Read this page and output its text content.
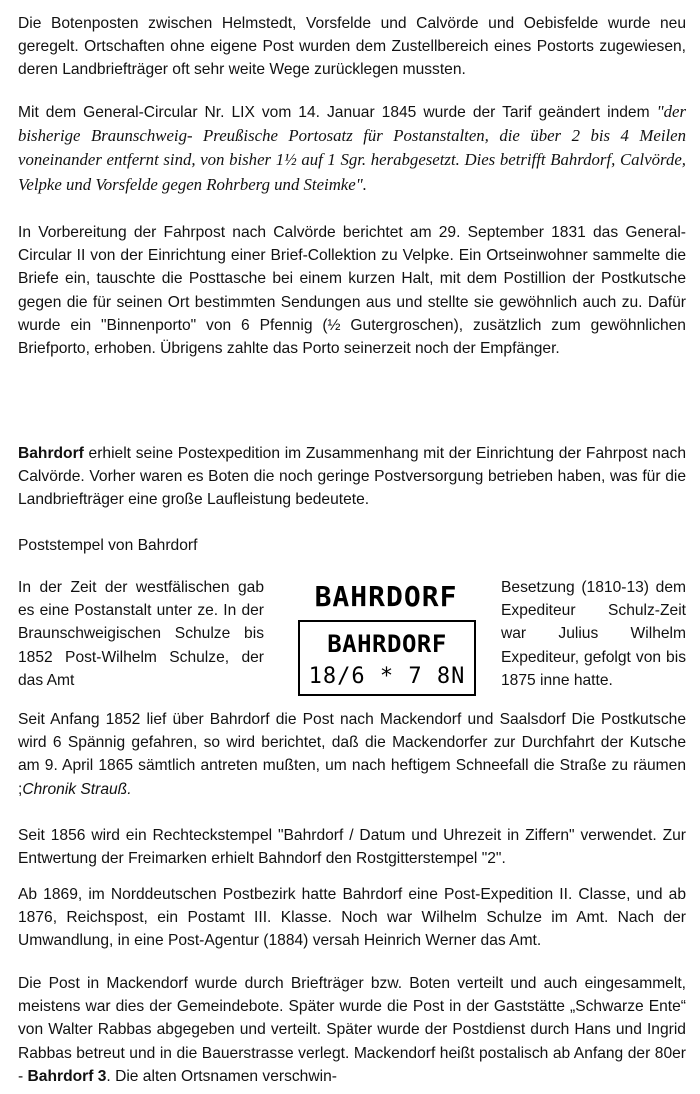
Die Botenposten zwischen Helmstedt, Vorsfelde und Calvörde und Oebisfelde wurde neu geregelt. Ortschaften ohne eigene Post wurden dem Zustellbereich eines Postorts zugewiesen, deren Landbriefträger oft sehr weite Wege zurücklegen mussten.

Mit dem General-Circular Nr. LIX vom 14. Januar 1845 wurde der Tarif geändert indem "der bisherige Braunschweig- Preußische Portosatz für Postanstalten, die über 2 bis 4 Meilen voneinander entfernt sind, von bisher 1½ auf 1 Sgr. herabgesetzt. Dies betrifft Bahrdorf, Calvörde, Velpke und Vorsfelde gegen Rohrberg und Steimke".

In Vorbereitung der Fahrpost nach Calvörde berichtet am 29. September 1831 das General-Circular II von der Einrichtung einer Brief-Collektion zu Velpke. Ein Ortseinwohner sammelte die Briefe ein, tauschte die Posttasche bei einem kurzen Halt, mit dem Postillion der Postkutsche gegen die für seinen Ort bestimmten Sendungen aus und stellte sie gewöhnlich auch zu. Dafür wurde ein "Binnenporto" von 6 Pfennig (½ Gutergroschen), zusätzlich zum gewöhnlichen Briefporto, erhoben. Übrigens zahlte das Porto seinerzeit noch der Empfänger.

Bahrdorf erhielt seine Postexpedition im Zusammenhang mit der Einrichtung der Fahrpost nach Calvörde. Vorher waren es Boten die noch geringe Postversorgung betrieben haben, was für die Landbriefträger eine große Laufleistung bedeutete.

Poststempel von Bahrdorf

In der Zeit der westfälischen gab es eine Postanstalt unter ze. In der Braunschweigischen Schulze bis 1852 Post-Wilhelm Schulze, der das Amt

BAHRDORF
BAHRDORF
18/6 * 7 8N

Besetzung (1810-13) dem Expediteur Schulz-Zeit war Julius Wilhelm Expediteur, gefolgt von bis 1875 inne hatte.

Seit Anfang 1852 lief über Bahrdorf die Post nach Mackendorf und Saalsdorf Die Postkutsche wird 6 Spännig gefahren, so wird berichtet, daß die Mackendorfer zur Durchfahrt der Kutsche am 9. April 1865 sämtlich antreten mußten, um nach heftigem Schneefall die Straße zu räumen ;Chronik Strauß.

Seit 1856 wird ein Rechteckstempel "Bahrdorf / Datum und Uhrezeit in Ziffern" verwendet. Zur Entwertung der Freimarken erhielt Bahndorf den Rostgitterstempel "2".

Ab 1869, im Norddeutschen Postbezirk hatte Bahrdorf eine Post-Expedition II. Classe, und ab 1876, Reichspost, ein Postamt III. Klasse. Noch war Wilhelm Schulze im Amt. Nach der Umwandlung, in eine Post-Agentur (1884) versah Heinrich Werner das Amt.

Die Post in Mackendorf wurde durch Briefträger bzw. Boten verteilt und auch eingesammelt, meistens war dies der Gemeindebote. Später wurde die Post in der Gaststätte „Schwarze Ente“ von Walter Rabbas abgegeben und verteilt. Später wurde der Postdienst durch Hans und Ingrid Rabbas betreut und in die Bauerstrasse verlegt. Mackendorf heißt postalisch ab Anfang der 80er - Bahrdorf 3. Die alten Ortsnamen verschwin-
